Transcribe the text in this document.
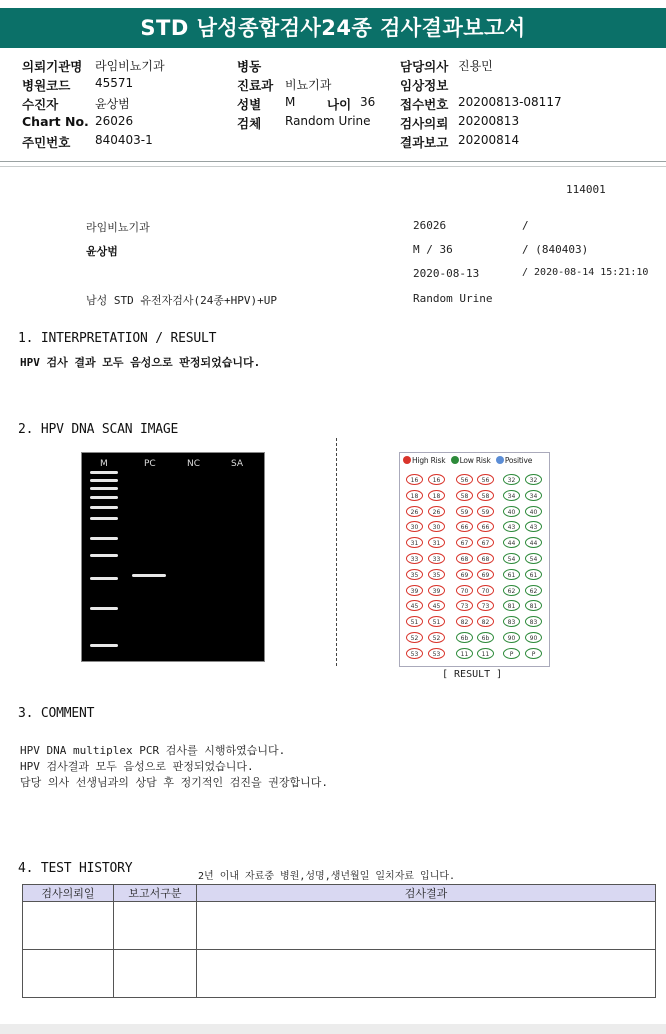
STD 남성종합검사24종 검사결과보고서
의뢰기관명 라임비뇨기과
병원코드 45571
수진자	윤상범
Chart No. 26026
주민번호 840403-1
병동
진료과 비뇨기과
성별 M	나이 36
검체 Random Urine
담당의사 진용민
임상정보
접수번호 20200813-08117
검사의뢰 20200813
결과보고 20200814
114001
라임비뇨기과	26026	/
윤상범	M / 36	/ (840403)
2020-08-13	/ 2020-08-14 15:21:10
남성 STD 유전자검사(24종+HPV)+UP	Random Urine
1. INTERPRETATION / RESULT
HPV 검사 결과 모두 음성으로 판정되었습니다.
2. HPV DNA SCAN IMAGE
M	PC	NC	SA	High Risk Low Risk Positive
16	16	56	56	32	32
18	18	58	58	34	34
26	26	59	59	40	40
30	30	66	66	43	43
31	31	67	67	44	44
33	33	68	68	54	54
35	35	69	69	61	61
39	39	70	70	62	62
45	45	73	73	81	81
51	51	82	82	83	83
52	52	6b	6b	90	90
53	53	11	11	P	P
[ RESULT ]
3. COMMENT
HPV DNA multiplex PCR 검사를 시행하였습니다.
HPV 검사결과 모두 음성으로 판정되었습니다.
담당 의사 선생님과의 상담 후 정기적인 검진을 권장합니다.
4. TEST HISTORY
2년 이내 자료중 병원,성명,생년월일 일치자료 입니다.
검사의뢰일	보고서구분	검사결과
